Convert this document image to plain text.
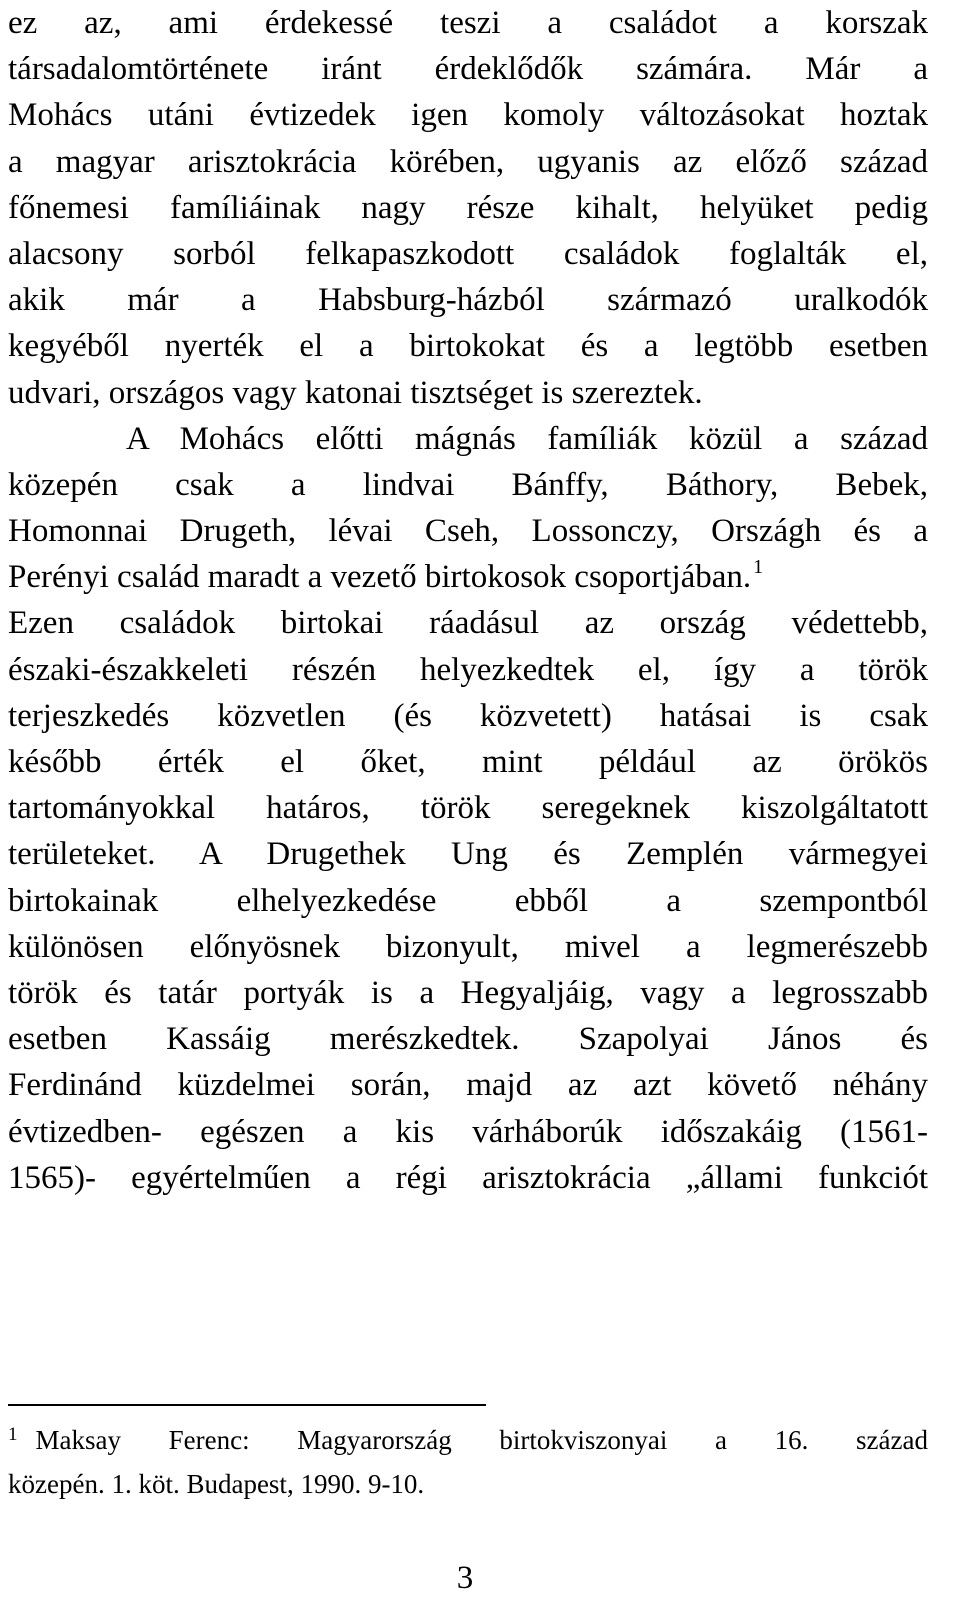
ez az, ami érdekessé teszi a családot a korszak
társadalomtörténete iránt érdeklődők számára. Már a
Mohács utáni évtizedek igen komoly változásokat hoztak
a magyar arisztokrácia körében, ugyanis az előző század
főnemesi famíliáinak nagy része kihalt, helyüket pedig
alacsony sorból felkapaszkodott családok foglalták el,
akik már a Habsburg-házból származó uralkodók
kegyéből nyerték el a birtokokat és a legtöbb esetben
udvari, országos vagy katonai tisztséget is szereztek.
A Mohács előtti mágnás famíliák közül a század
közepén csak a lindvai Bánffy, Báthory, Bebek,
Homonnai Drugeth, lévai Cseh, Lossonczy, Országh és a
Perényi család maradt a vezető birtokosok csoportjában. $^1$
Ezen családok birtokai ráadásul az ország védettebb,
északi-északkeleti részén helyezkedtek el, így a török
terjeszkedés közvetlen (és közvetett) hatásai is csak
később érték el őket, mint például az örökös
tartományokkal határos, török seregeknek kiszolgáltatott
területeket. A Drugethek Ung és Zemplén vármegyei
birtokainak elhelyezkedése ebből a szempontból
különösen előnyösnek bizonyult, mivel a legmerészebb
török és tatár portyák is a Hegyaljáig, vagy a legrosszabb
esetben Kassáig merészkedtek. Szapolyai János és
Ferdinánd küzdelmei során, majd az azt követő néhány
évtizedben- egészen a kis várháborúk időszakáig (1561-
1565)- egyértelműen a régi arisztokrácia „állami funkciót
$^1$ Maksay Ferenc: Magyarország birtokviszonyai a 16. század
közepén. 1. köt. Budapest, 1990. 9-10.
3
